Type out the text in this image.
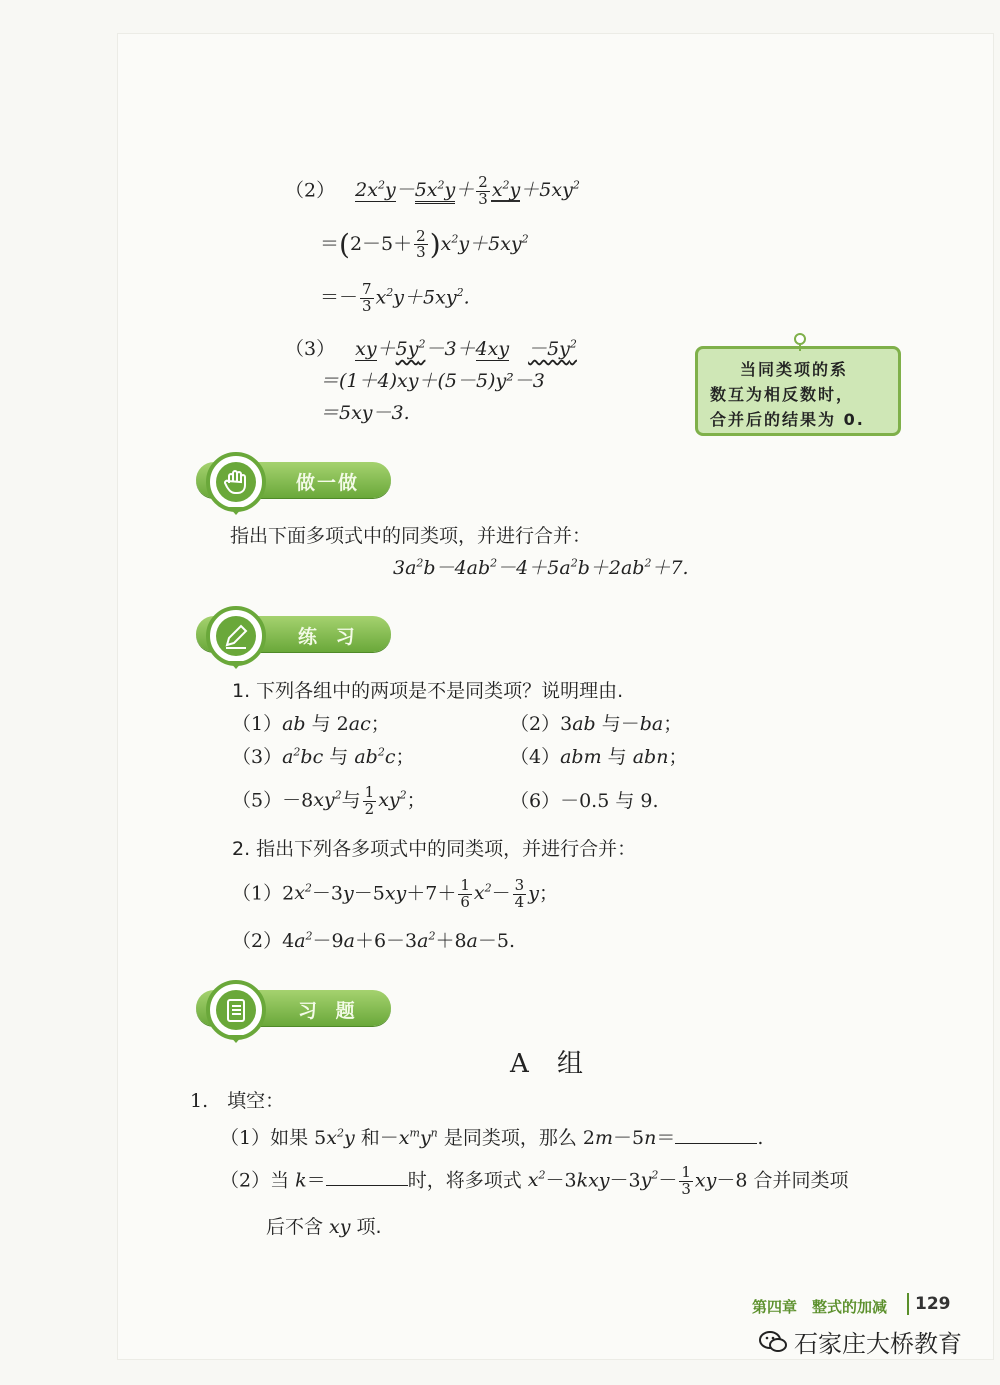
（2） $2x^2y-5x^2y+ \frac{2}{3} x^2y+5xy^2$
$=(2-5+ \frac{2}{3} )x^2y+5xy^2$
＝－ $\frac{7}{3} x^2y+5xy^2$.
（3） $xy+5y^2-3+4xy$　 $-5y^2$
＝(1＋4)xy＋(5－5)y²－3
＝5xy－3.
当同类项的系
数互为相反数时，
合并后的结果为 0.
做一做
指出下面多项式中的同类项，并进行合并：
$3a^2b-4ab^2-4+5a^2b+2ab^2+7$.
练 习
1. 下列各组中的两项是不是同类项？说明理由.
（1）ab 与 2ac；	（2）3ab 与－ba；
$(3)a^2bc$ 与 $ab^2c$；	（4）abm 与 abn；
$(5)-8xy^2$与 $\frac{1}{2} xy^2$；	（6）－0.5 与 9.
2. 指出下列各多项式中的同类项，并进行合并：
$(1)2x^2-3y-5xy+7+ \frac{1}{6} x^2- \frac{3}{4}$ y；
$(2)4a^2-9a+6-3a^2+8a-5$.
习 题
A 组
1.　 填空：
（1）如果 $5x^2y$ 和$-x^my^n$ 是同类项，那么 2m－5n＝	.
（2）当 k＝	时，将多项式 $x^2-3kxy-3y^2- \frac{1}{3} xy-8$ 合并同类项
后不含 xy 项.
第四章　整式的加减 129
石家庄大桥教育
